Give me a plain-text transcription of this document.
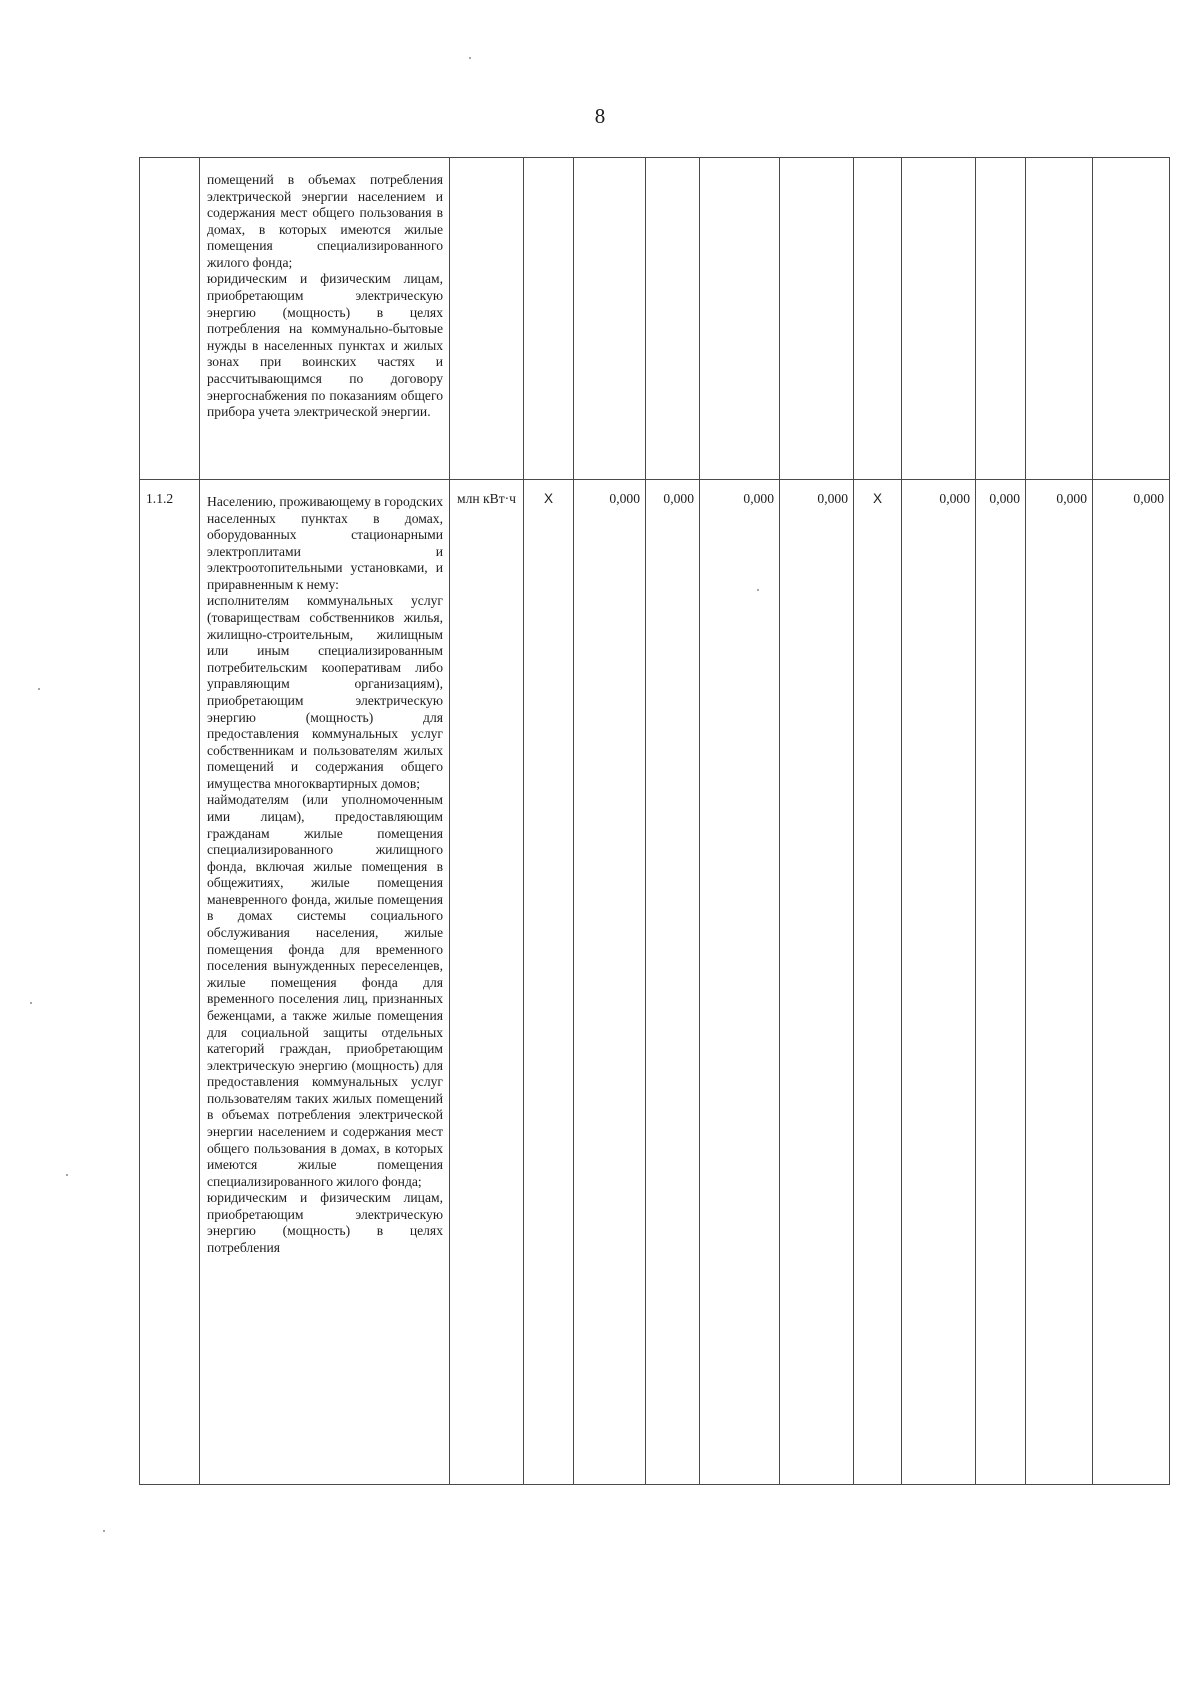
8

	помещений в объемах потребления электрической энергии населением и содержания мест общего пользования в домах, в которых имеются жилые помещения специализированного жилого фонда;

юридическим и физическим лицам, приобретающим электрическую энергию (мощность) в целях потребления на коммунально-бытовые нужды в населенных пунктах и жилых зонах при воинских частях и рассчитывающимся по договору энергоснабжения по показаниям общего прибора учета электрической энергии.											

1.1.2	Населению, проживающему в городских населенных пунктах в домах, оборудованных стационарными электроплитами и электроотопительными установками, и приравненным к нему:

исполнителям коммунальных услуг (товариществам собственников жилья, жилищно-строительным, жилищным или иным специализированным потребительским кооперативам либо управляющим организациям), приобретающим электрическую энергию (мощность) для предоставления коммунальных услуг собственникам и пользователям жилых помещений и содержания общего имущества многоквартирных домов;

наймодателям (или уполномоченным ими лицам), предоставляющим гражданам жилые помещения специализированного жилищного фонда, включая жилые помещения в общежитиях, жилые помещения маневренного фонда, жилые помещения в домах системы социального обслуживания населения, жилые помещения фонда для временного поселения вынужденных переселенцев, жилые помещения фонда для временного поселения лиц, признанных беженцами, а также жилые помещения для социальной защиты отдельных категорий граждан, приобретающим электрическую энергию (мощность) для предоставления коммунальных услуг пользователям таких жилых помещений в объемах потребления электрической энергии населением и содержания мест общего пользования в домах, в которых имеются жилые помещения специализированного жилого фонда;

юридическим и физическим лицам, приобретающим электрическую энергию (мощность) в целях потребления	млн кВт·ч	X	0,000	0,000	0,000	0,000	X	0,000	0,000	0,000	0,000
